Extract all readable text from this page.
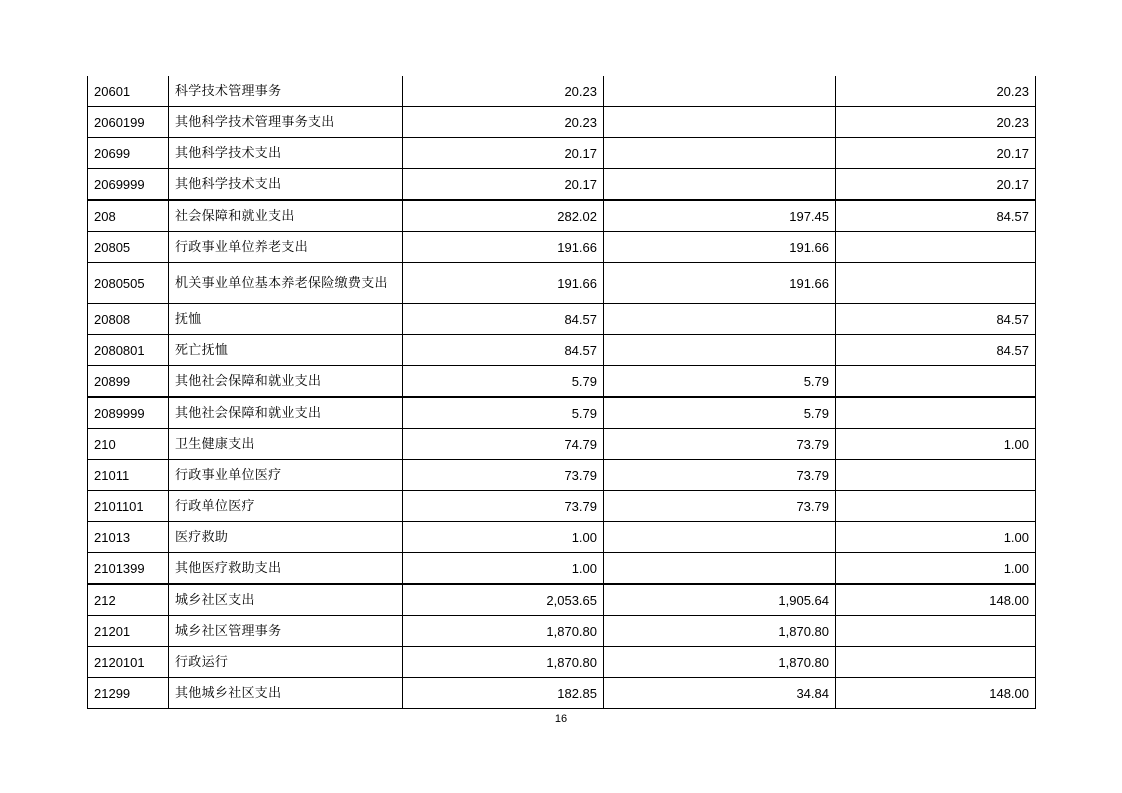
20601	科学技术管理事务	20.23		20.23
2060199	其他科学技术管理事务支出	20.23		20.23
20699	其他科学技术支出	20.17		20.17
2069999	其他科学技术支出	20.17		20.17
208	社会保障和就业支出	282.02	197.45	84.57
20805	行政事业单位养老支出	191.66	191.66	
2080505	机关事业单位基本养老保险缴费支出	191.66	191.66	
20808	抚恤	84.57		84.57
2080801	死亡抚恤	84.57		84.57
20899	其他社会保障和就业支出	5.79	5.79	
2089999	其他社会保障和就业支出	5.79	5.79	
210	卫生健康支出	74.79	73.79	1.00
21011	行政事业单位医疗	73.79	73.79	
2101101	行政单位医疗	73.79	73.79	
21013	医疗救助	1.00		1.00
2101399	其他医疗救助支出	1.00		1.00
212	城乡社区支出	2,053.65	1,905.64	148.00
21201	城乡社区管理事务	1,870.80	1,870.80	
2120101	行政运行	1,870.80	1,870.80	
21299	其他城乡社区支出	182.85	34.84	148.00
16
